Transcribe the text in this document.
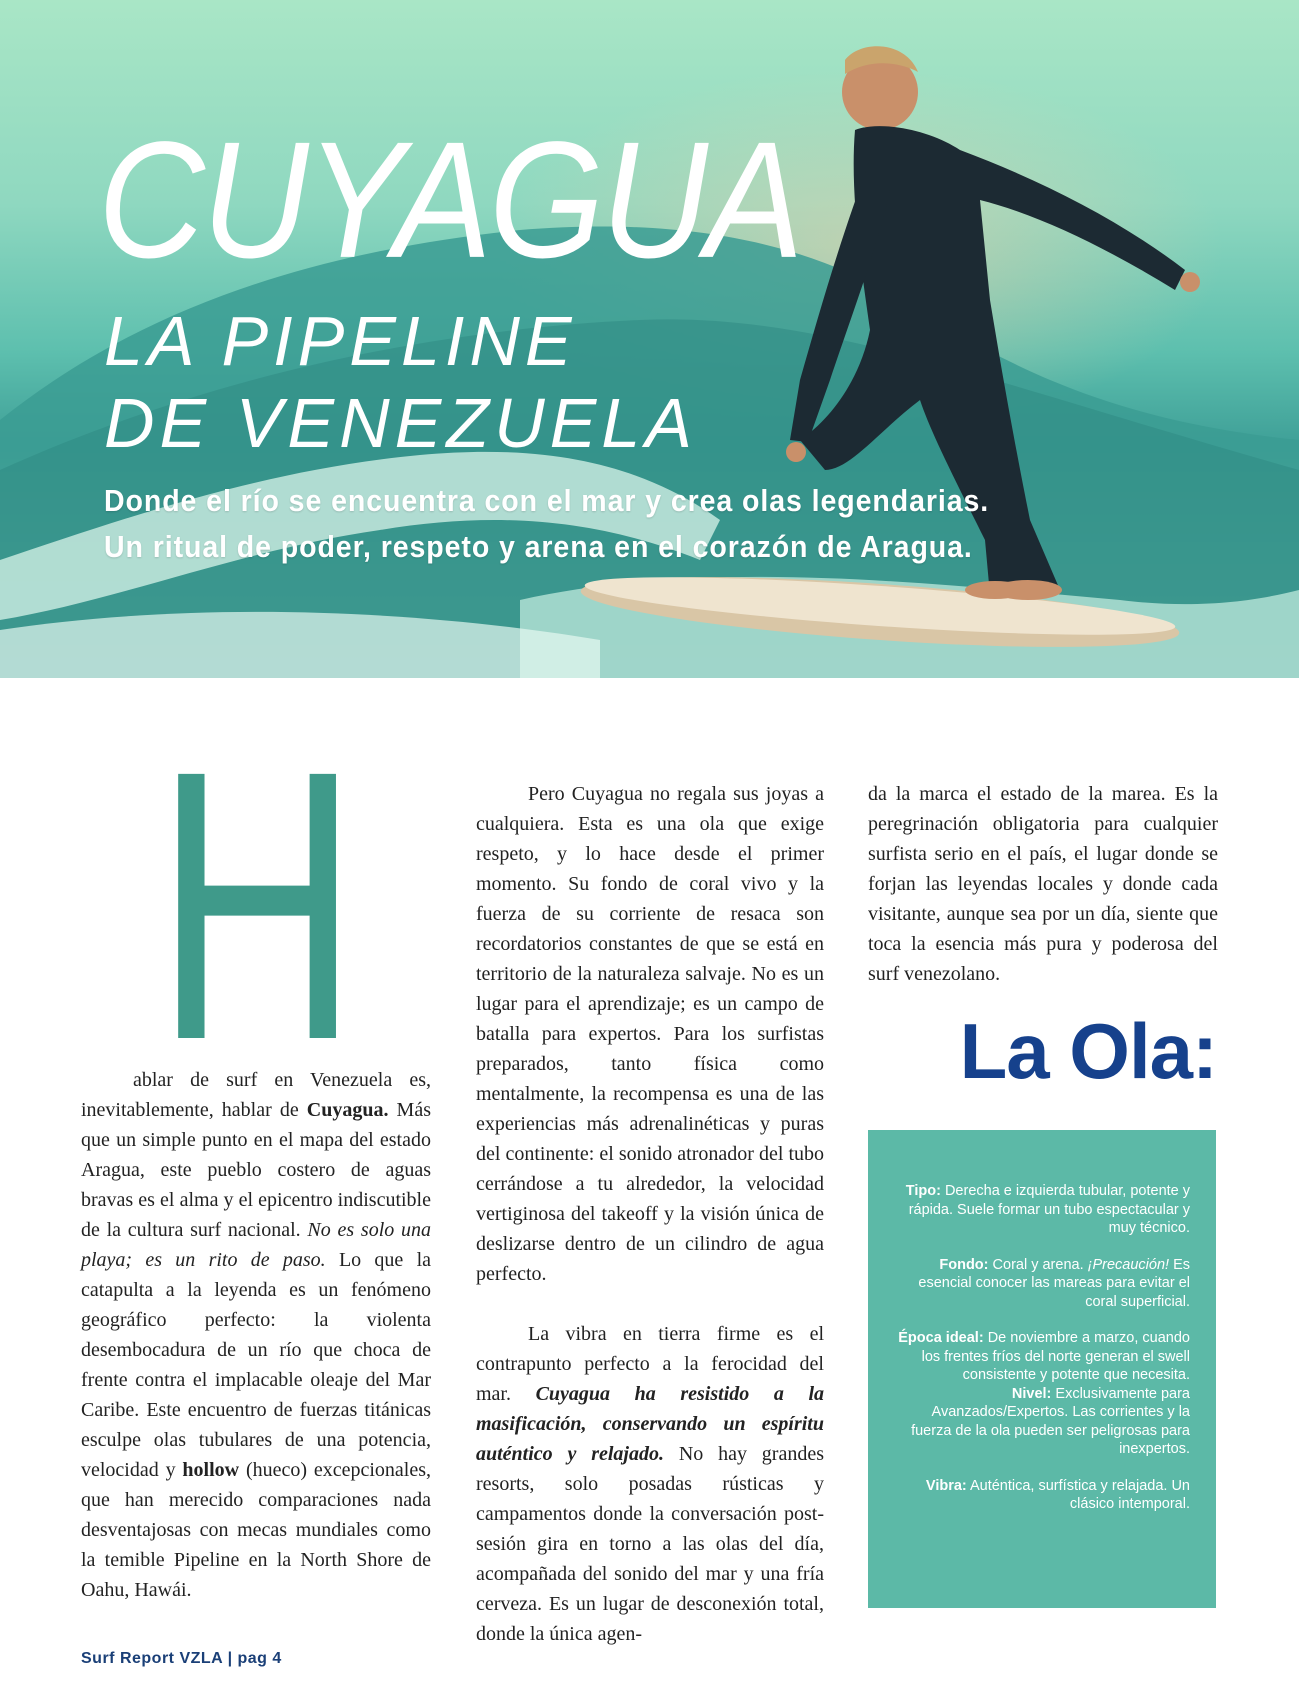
CUYAGUA
LA PIPELINE
DE VENEZUELA
Donde el río se encuentra con el mar y crea olas legendarias.
Un ritual de poder, respeto y arena en el corazón de Aragua.
H

ablar de surf en Venezuela es, inevitablemente, hablar de Cuyagua. Más que un simple punto en el mapa del estado Aragua, este pueblo costero de aguas bravas es el alma y el epicentro indiscutible de la cultura surf nacional. No es solo una playa; es un rito de paso. Lo que la catapulta a la leyenda es un fenómeno geográfico perfecto: la violenta desembocadura de un río que choca de frente contra el implacable oleaje del Mar Caribe. Este encuentro de fuerzas titánicas esculpe olas tubulares de una potencia, velocidad y hollow (hueco) excepcionales, que han merecido comparaciones nada desventajosas con mecas mundiales como la temible Pipeline en la North Shore de Oahu, Hawái.

Pero Cuyagua no regala sus joyas a cualquiera. Esta es una ola que exige respeto, y lo hace desde el primer momento. Su fondo de coral vivo y la fuerza de su corriente de resaca son recordatorios constantes de que se está en territorio de la naturaleza salvaje. No es un lugar para el aprendizaje; es un campo de batalla para expertos. Para los surfistas preparados, tanto física como mentalmente, la recompensa es una de las experiencias más adrenalinéticas y puras del continente: el sonido atronador del tubo cerrándose a tu alrededor, la velocidad vertiginosa del takeoff y la visión única de deslizarse dentro de un cilindro de agua perfecto.

La vibra en tierra firme es el contrapunto perfecto a la ferocidad del mar. Cuyagua ha resistido a la masificación, conservando un espíritu auténtico y relajado. No hay grandes resorts, solo posadas rústicas y campamentos donde la conversación post-sesión gira en torno a las olas del día, acompañada del sonido del mar y una fría cerveza. Es un lugar de desconexión total, donde la única agen-

da la marca el estado de la marea. Es la peregrinación obligatoria para cualquier surfista serio en el país, el lugar donde se forjan las leyendas locales y donde cada visitante, aunque sea por un día, siente que toca la esencia más pura y poderosa del surf venezolano.

La Ola:

Tipo: Derecha e izquierda tubular, potente y rápida. Suele formar un tubo espectacular y muy técnico.

Fondo: Coral y arena. ¡Precaución! Es esencial conocer las mareas para evitar el coral superficial.

Época ideal: De noviembre a marzo, cuando los frentes fríos del norte generan el swell consistente y potente que necesita.

Nivel: Exclusivamente para Avanzados/Expertos. Las corrientes y la fuerza de la ola pueden ser peligrosas para inexpertos.

Vibra: Auténtica, surfística y relajada. Un clásico intemporal.

Surf Report VZLA | pag 4
